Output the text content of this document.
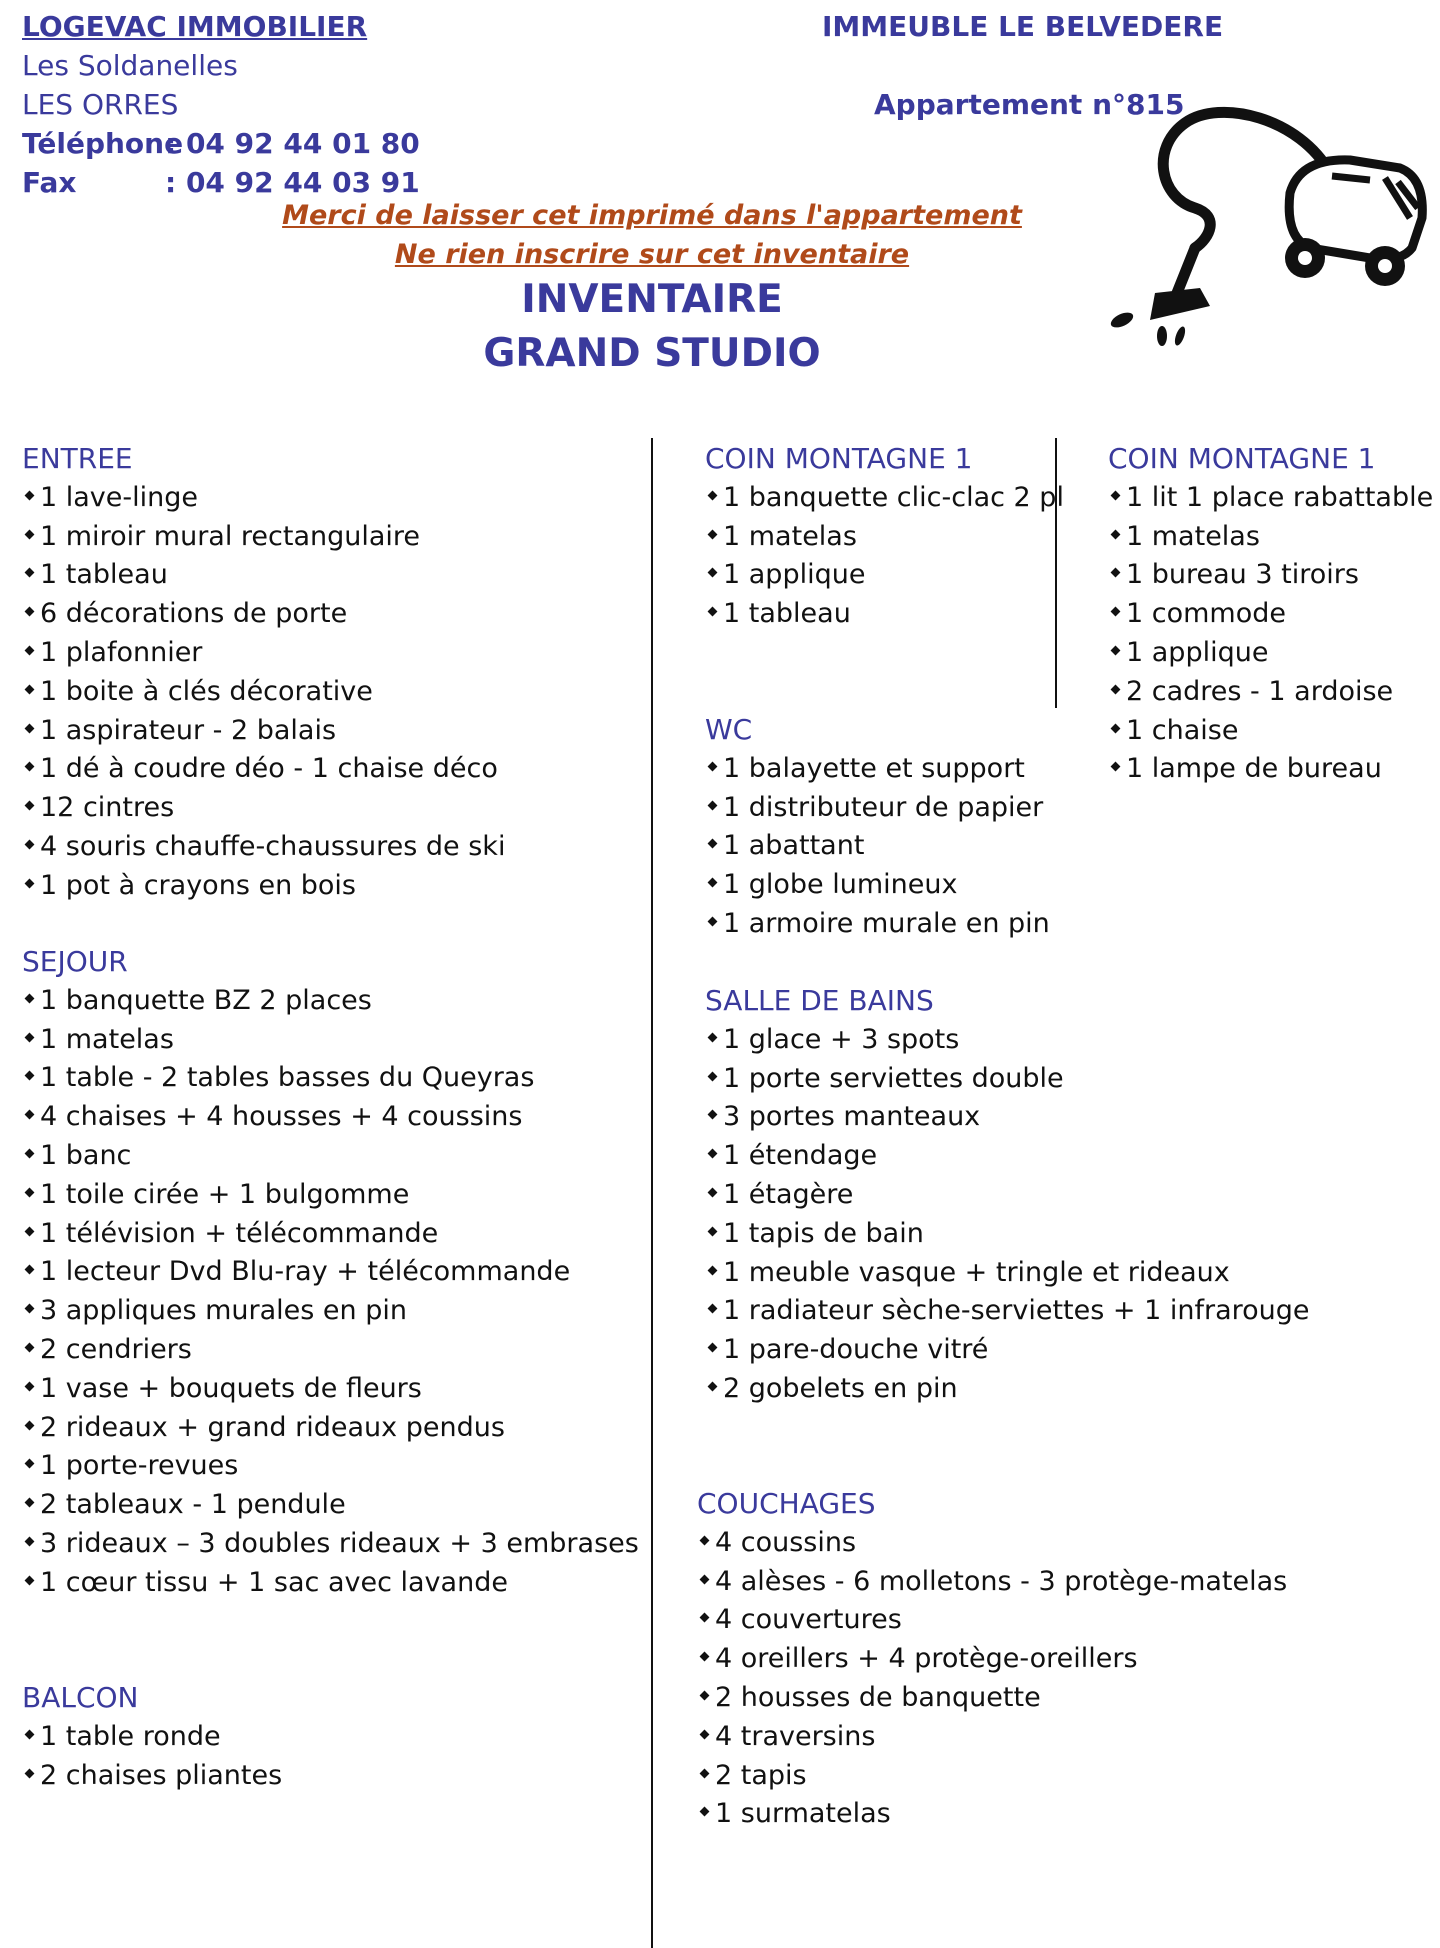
LOGEVAC IMMOBILIER
Les Soldanelles
LES ORRES
Téléphone
: 04 92 44 01 80
Fax	: 04 92 44 03 91
IMMEUBLE LE BELVEDERE
Appartement n°815
Merci de laisser cet imprimé dans l'appartement
Ne rien inscrire sur cet inventaire
INVENTAIRE
GRAND STUDIO
ENTREE
1 lave-linge
1 miroir mural rectangulaire
1 tableau
6 décorations de porte
1 plafonnier
1 boite à clés décorative
1 aspirateur - 2 balais
1 dé à coudre déo - 1 chaise déco
12 cintres
4 souris chauffe-chaussures de ski
1 pot à crayons en bois
SEJOUR
1 banquette BZ 2 places
1 matelas
1 table - 2 tables basses du Queyras
4 chaises + 4 housses + 4 coussins
1 banc
1 toile cirée + 1 bulgomme
1 télévision + télécommande
1 lecteur Dvd Blu-ray + télécommande
3 appliques murales en pin
2 cendriers
1 vase + bouquets de fleurs
2 rideaux + grand rideaux pendus
1 porte-revues
2 tableaux - 1 pendule
3 rideaux – 3 doubles rideaux + 3 embrases
1 cœur tissu + 1 sac avec lavande
BALCON
1 table ronde
2 chaises pliantes
COIN MONTAGNE 1
1 banquette clic-clac 2 pl
1 matelas
1 applique
1 tableau
COIN MONTAGNE 1
1 lit 1 place rabattable
1 matelas
1 bureau 3 tiroirs
1 commode
1 applique
2 cadres - 1 ardoise
1 chaise
1 lampe de bureau
WC
1 balayette et support
1 distributeur de papier
1 abattant
1 globe lumineux
1 armoire murale en pin
SALLE DE BAINS
1 glace + 3 spots
1 porte serviettes double
3 portes manteaux
1 étendage
1 étagère
1 tapis de bain
1 meuble vasque + tringle et rideaux
1 radiateur sèche-serviettes + 1 infrarouge
1 pare-douche vitré
2 gobelets en pin
COUCHAGES
4 coussins
4 alèses - 6 molletons - 3 protège-matelas
4 couvertures
4 oreillers + 4 protège-oreillers
2 housses de banquette
4 traversins
2 tapis
1 surmatelas
